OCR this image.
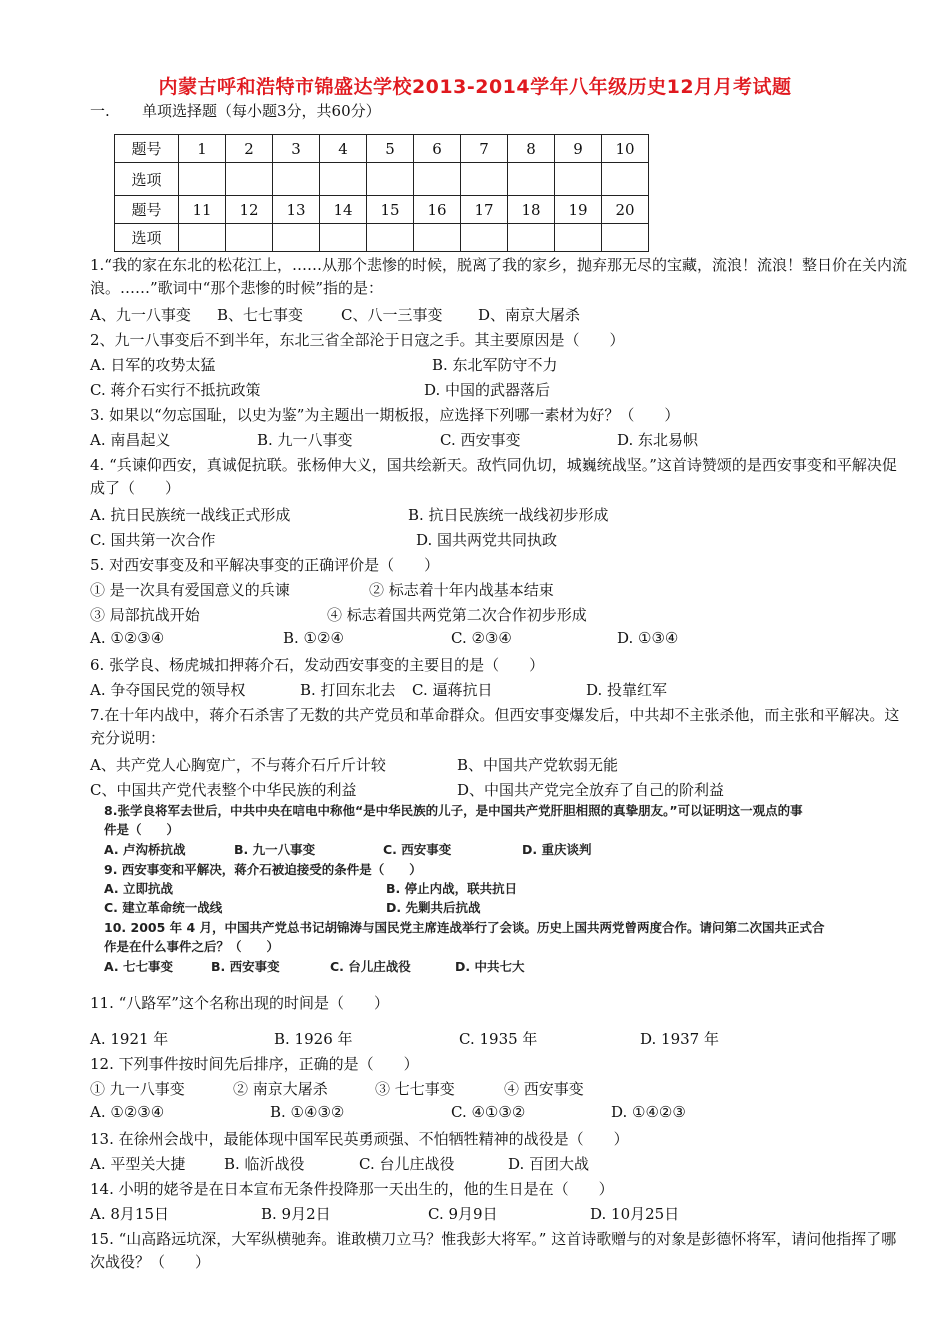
内蒙古呼和浩特市锦盛达学校2013-2014学年八年级历史12月月考试题
一. 单项选择题（每小题3分，共60分）
题号	1	2	3	4	5	6	7	8	9	10
选项										
题号	11	12	13	14	15	16	17	18	19	20
选项										
1.“我的家在东北的松花江上，……从那个悲惨的时候，脱离了我的家乡，抛弃那无尽的宝藏，流浪！流浪！整日价在关内流浪。……”歌词中“那个悲惨的时候”指的是：
A、九一八事变 B、七七事变	C、八一三事变 D、南京大屠杀
2、九一八事变后不到半年，东北三省全部沦于日寇之手。其主要原因是（　　）
A. 日军的攻势太猛	B. 东北军防守不力
C. 蒋介石实行不抵抗政策	D. 中国的武器落后
3. 如果以“勿忘国耻，以史为鉴”为主题出一期板报，应选择下列哪一素材为好？（　　）
A. 南昌起义	B. 九一八事变	C. 西安事变	D. 东北易帜
4. “兵谏仰西安，真诚促抗联。张杨伸大义，国共绘新天。敌忾同仇切，城巍统战坚。”这首诗赞颂的是西安事变和平解决促成了（　　）
A. 抗日民族统一战线正式形成	B. 抗日民族统一战线初步形成
C. 国共第一次合作	D. 国共两党共同执政
5. 对西安事变及和平解决事变的正确评价是（　　）
① 是一次具有爱国意义的兵谏	② 标志着十年内战基本结束
③ 局部抗战开始	④ 标志着国共两党第二次合作初步形成
A. ①②③④	B. ①②④	C. ②③④	D. ①③④
6. 张学良、杨虎城扣押蒋介石，发动西安事变的主要目的是（　　）
A. 争夺国民党的领导权	B. 打回东北去 C. 逼蒋抗日	D. 投靠红军
7.在十年内战中，蒋介石杀害了无数的共产党员和革命群众。但西安事变爆发后，中共却不主张杀他，而主张和平解决。这充分说明：
A、共产党人心胸宽广，不与蒋介石斤斤计较	B、中国共产党软弱无能
C、中国共产党代表整个中华民族的利益	D、中国共产党完全放弃了自己的阶利益
8.张学良将军去世后，中共中央在唁电中称他“是中华民族的儿子，是中国共产党肝胆相照的真挚朋友。”可以证明这一观点的事
件是（　　）
A. 卢沟桥抗战	B. 九一八事变	C. 西安事变	D. 重庆谈判
9. 西安事变和平解决，蒋介石被迫接受的条件是（　　）
A. 立即抗战	B. 停止内战，联共抗日
C. 建立革命统一战线	D. 先剿共后抗战
10. 2005 年 4 月，中国共产党总书记胡锦涛与国民党主席连战举行了会谈。历史上国共两党曾两度合作。请问第二次国共正式合
作是在什么事件之后？（　　）
A. 七七事变	B. 西安事变	C. 台儿庄战役	D. 中共七大
11. “八路军”这个名称出现的时间是（　　）
A. 1921 年	B. 1926 年	C. 1935 年	D. 1937 年
12. 下列事件按时间先后排序，正确的是（　　）
① 九一八事变	② 南京大屠杀	③ 七七事变	④ 西安事变
A. ①②③④	B. ①④③②	C. ④①③②	D. ①④②③
13. 在徐州会战中，最能体现中国军民英勇顽强、不怕牺牲精神的战役是（　　）
A. 平型关大捷	B. 临沂战役	C. 台儿庄战役	D. 百团大战
14. 小明的姥爷是在日本宣布无条件投降那一天出生的，他的生日是在（　　）
A. 8月15日	B. 9月2日	C. 9月9日	D. 10月25日
15. “山高路远坑深，大军纵横驰奔。谁敢横刀立马？惟我彭大将军。” 这首诗歌赠与的对象是彭德怀将军，请问他指挥了哪次战役？（　　）
